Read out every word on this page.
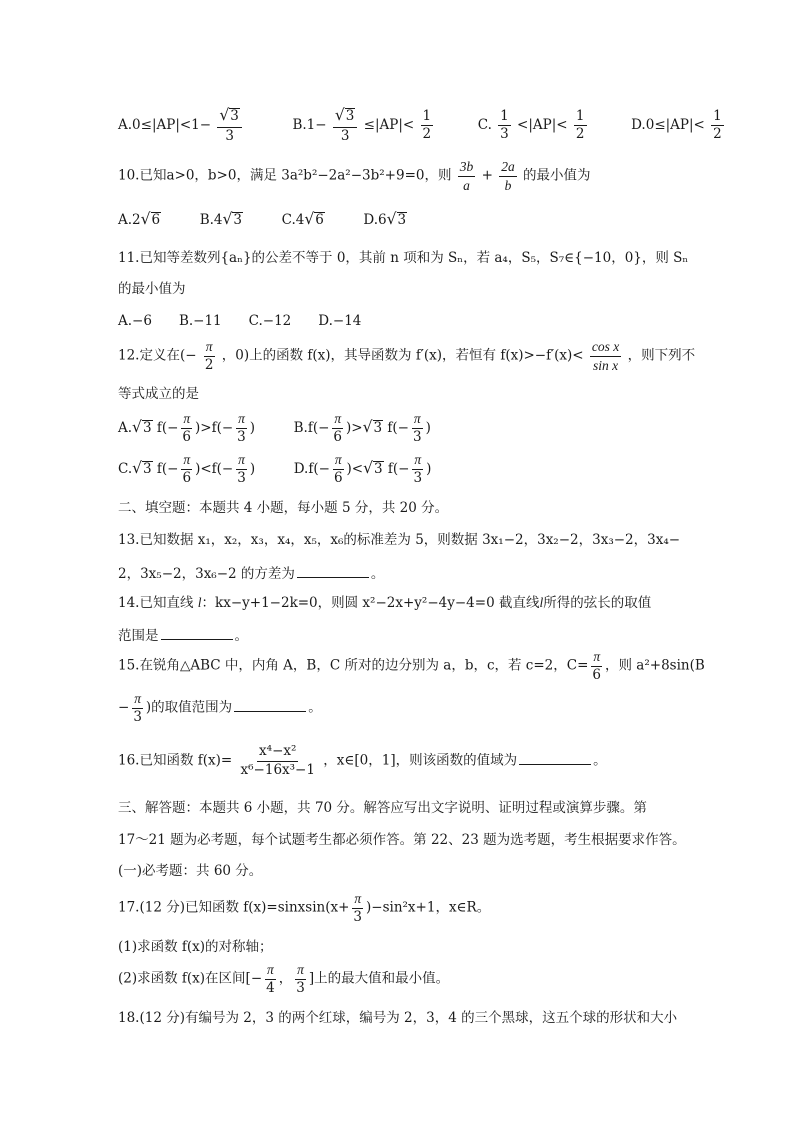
$A.0\le|AP|<1- \frac{√ 3}{3}$	$B.1- \frac{√ 3}{3} \le|AP|< \frac{1}{2}$	C. $\frac{1}{3} <|AP|< \frac{1}{2}$	$D.0\le|AP|< \frac{1}{2}$
10.已知a>0，b>0，满足 3a²b²−2a²−3b²+9=0，则 $\frac{3b}{a} + \frac{2a}{b}$ 的最小值为
A.2 √ 6	B.4 √ 3	C.4 √ 6	D.6 √ 3
11.已知等差数列{aₙ}的公差不等于 0，其前 n 项和为 Sₙ，若 a₄，S₅，S₇∈{−10，0}，则 Sₙ
的最小值为
A.−6　　B.−11　　C.−12　　D.−14
12.定义在(− $\frac{\pi}{2}$ ，0)上的函数 f(x)，其导函数为 f′(x)，若恒有 $f(x)>-f'(x)< \frac{\text{cos x}}{\text{sin x}}$ ，则下列不
等式成立的是
A. √ 3 $f(- \frac{\pi}{6} )>f(- \frac{\pi}{3}$ )	$B.f(- \frac{\pi}{6}$ )> √ 3 $f(- \frac{\pi}{3}$ )
C. √ 3 $f(- \frac{\pi}{6} )<f(- \frac{\pi}{3}$ )	$D.f(- \frac{\pi}{6}$ )< √ 3 $f(- \frac{\pi}{3}$ )
二、填空题：本题共 4 小题，每小题 5 分，共 20 分。
13.已知数据 x₁，x₂，x₃，x₄，x₅，x₆的标准差为 5，则数据 3x₁−2，3x₂−2，3x₃−2，3x₄−
2，3x₅−2，3x₆−2 的方差为	。
14.已知直线 l：kx−y+1−2k=0，则圆 x²−2x+y²−4y−4=0 截直线l所得的弦长的取值
范围是	。
15.在锐角△ABC 中，内角 A，B，C 所对的边分别为 a，b，c，若 c=2，$C= \frac{\pi}{6}$ ，则 a²+8sin(B
− $\frac{\pi}{3}$ )的取值范围为	。
16.已知函数 $f(x)= \frac{\text{x⁴−x²}}{\text{x⁶−16x³−1}}$ ，x∈[0，1]，则该函数的值域为	。
三、解答题：本题共 6 小题，共 70 分。解答应写出文字说明、证明过程或演算步骤。第
17～21 题为必考题，每个试题考生都必须作答。第 22、23 题为选考题，考生根据要求作答。
(一)必考题：共 60 分。
17.(12 分)已知函数 f(x)=sinxsin(x+ $\frac{\pi}{3} )-\sin^2x+1$，x∈R。
(1)求函数 f(x)的对称轴；
(2)求函数 f(x)在区间[− $\frac{\pi}{4}$ ， $\frac{\pi}{3}$ ]上的最大值和最小值。
18.(12 分)有编号为 2，3 的两个红球，编号为 2，3，4 的三个黑球，这五个球的形状和大小
